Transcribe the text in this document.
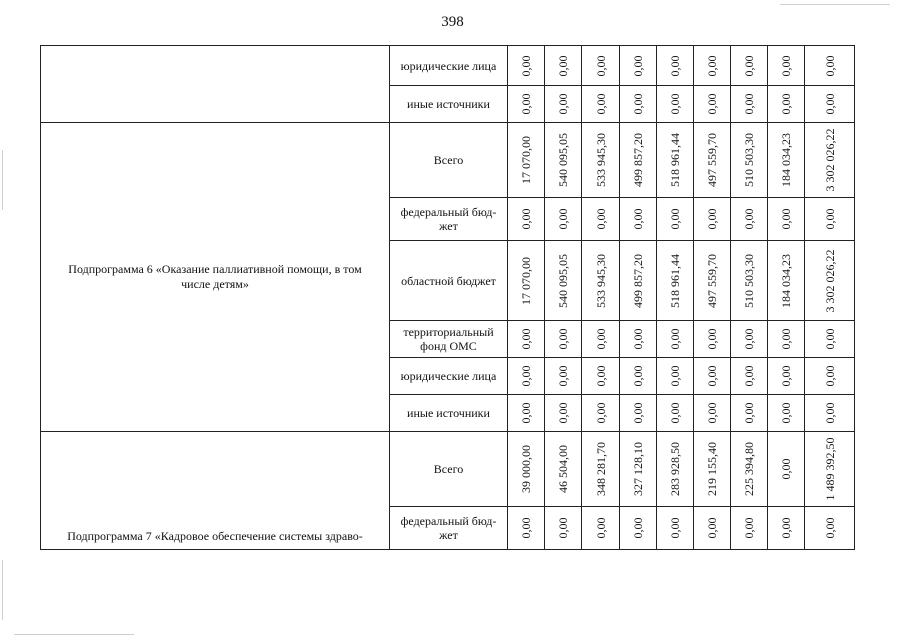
398
	юридические лица	0,00	0,00	0,00	0,00	0,00	0,00	0,00	0,00	0,00

	иные источники	0,00	0,00	0,00	0,00	0,00	0,00	0,00	0,00	0,00

Подпрограмма 6 «Оказание паллиативной помощи, в том числе детям»	Всего	17 070,00	540 095,05	533 945,30	499 857,20	518 961,44	497 559,70	510 503,30	184 034,23	3 302 026,22

	федеральный бюд-жет	0,00	0,00	0,00	0,00	0,00	0,00	0,00	0,00	0,00

	областной бюджет	17 070,00	540 095,05	533 945,30	499 857,20	518 961,44	497 559,70	510 503,30	184 034,23	3 302 026,22

	территориальный фонд ОМС	0,00	0,00	0,00	0,00	0,00	0,00	0,00	0,00	0,00

	юридические лица	0,00	0,00	0,00	0,00	0,00	0,00	0,00	0,00	0,00

	иные источники	0,00	0,00	0,00	0,00	0,00	0,00	0,00	0,00	0,00

Подпрограмма 7 «Кадровое обеспечение системы здраво-	Всего	39 000,00	46 504,00	348 281,70	327 128,10	283 928,50	219 155,40	225 394,80	0,00	1 489 392,50

	федеральный бюд-жет	0,00	0,00	0,00	0,00	0,00	0,00	0,00	0,00	0,00
